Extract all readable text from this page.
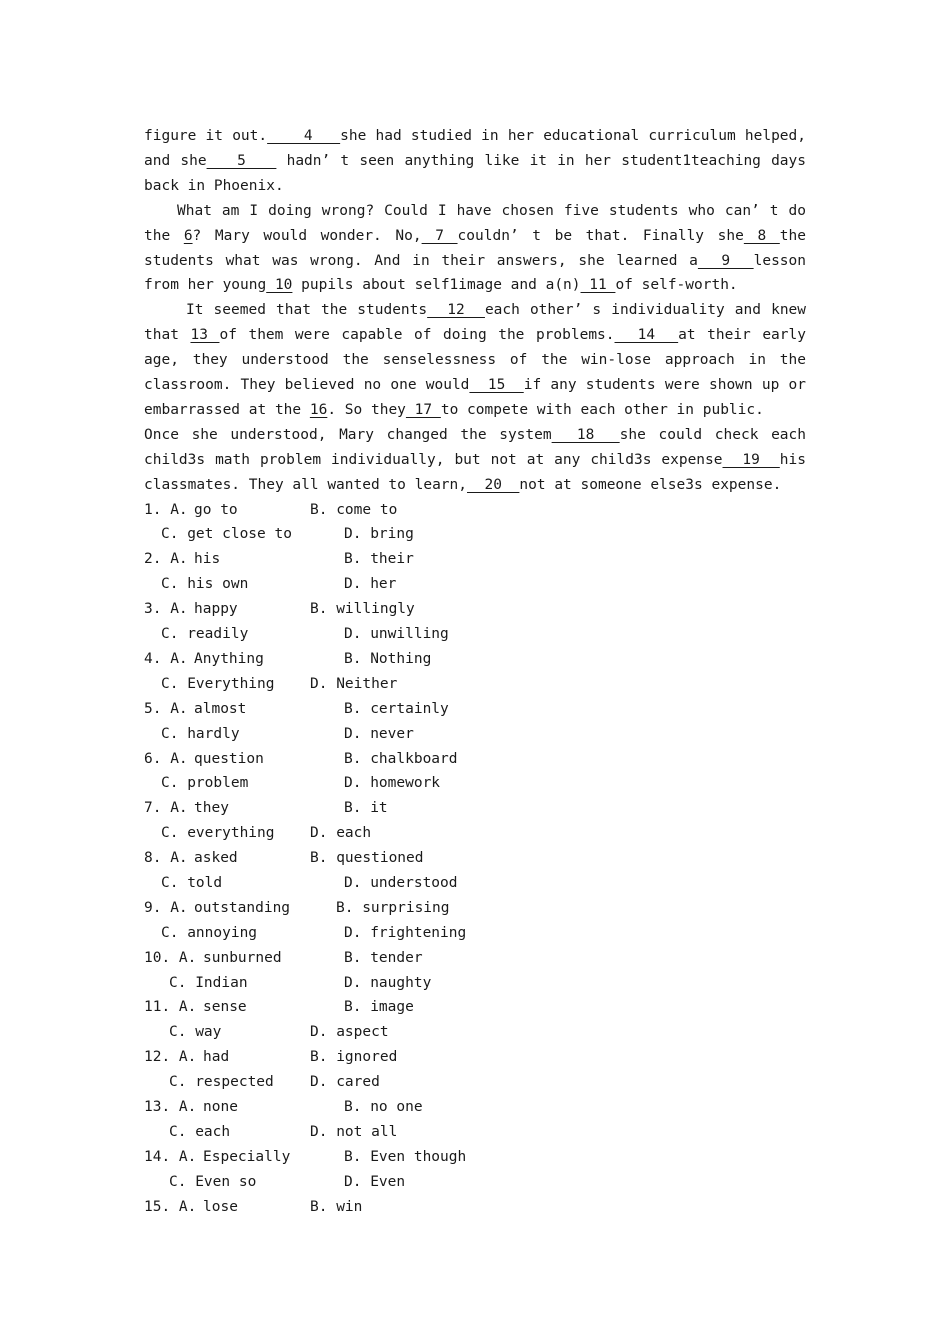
figure it out.    4   she had studied in her educational curriculum helped, and she   5    hadn’ t seen anything like it in her student1teaching days back in Phoenix.

What am I doing wrong? Could I have chosen five students who can’ t do the 6? Mary would wonder. No, 7 couldn’ t be that. Finally she 8 the students what was wrong. And in their answers, she learned a  9  lesson from her young 10 pupils about self1image and a(n) 11 of self-worth.

It seemed that the students  12  each other’ s individuality and knew that 13 of them were capable of doing the problems.  14  at their early age, they understood the senselessness of the win-lose approach in the classroom. They believed no one would  15  if any students were shown up or embarrassed at the 16. So they 17 to compete with each other in public.

Once she understood, Mary changed the system  18  she could check each child3s math problem individually, but not at any child3s expense  19  his classmates. They all wanted to learn,  20  not at someone else3s expense.

1. A. go to	B. come to
C. get close to	D. bring
2. A. his	B. their
C. his own	D. her
3. A. happy	B. willingly
C. readily	D. unwilling
4. A. Anything	B. Nothing
C. Everything D. Neither
5. A. almost	B. certainly
C. hardly	D. never
6. A. question	B. chalkboard
C. problem	D. homework
7. A. they	B. it
C. everything D. each
8. A. asked	B. questioned
C. told	D. understood
9. A. outstanding	B. surprising
C. annoying	D. frightening
10. A. sunburned	B. tender
C. Indian	D. naughty
11. A. sense	B. image
C. way	D. aspect
12. A. had	B. ignored
C. respected D. cared
13. A. none	B. no one
C. each	D. not all
14. A. Especially	B. Even though
C. Even so	D. Even
15. A. lose	B. win
